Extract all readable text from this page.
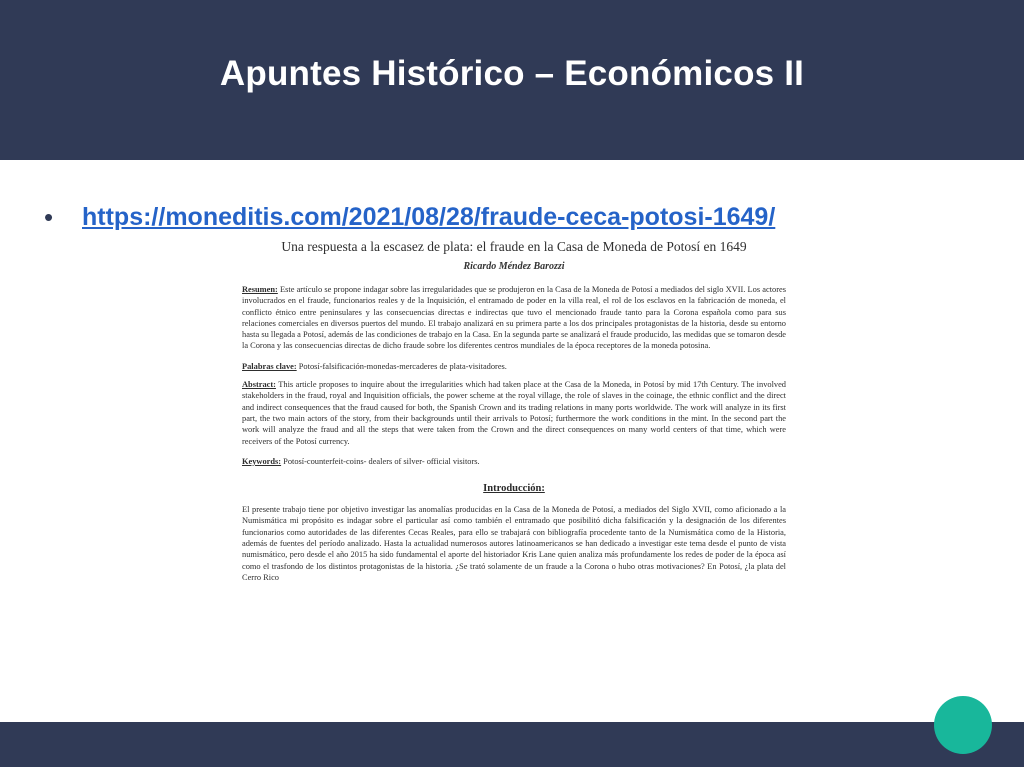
Apuntes Histórico – Económicos II
•	https://moneditis.com/2021/08/28/fraude-ceca-potosi-1649/
Una respuesta a la escasez de plata: el fraude en la Casa de Moneda de Potosí en 1649
Ricardo Méndez Barozzi
Resumen: Este artículo se propone indagar sobre las irregularidades que se produjeron en la Casa de la Moneda de Potosí a mediados del siglo XVII. Los actores involucrados en el fraude, funcionarios reales y de la Inquisición, el entramado de poder en la villa real, el rol de los esclavos en la fabricación de moneda, el conflicto étnico entre peninsulares y las consecuencias directas e indirectas que tuvo el mencionado fraude tanto para la Corona española como para sus relaciones comerciales en diversos puertos del mundo. El trabajo analizará en su primera parte a los dos principales protagonistas de la historia, desde su entorno hasta su llegada a Potosí, además de las condiciones de trabajo en la Casa. En la segunda parte se analizará el fraude producido, las medidas que se tomaron desde la Corona y las consecuencias directas de dicho fraude sobre los diferentes centros mundiales de la época receptores de la moneda potosina.
Palabras clave: Potosí-falsificación-monedas-mercaderes de plata-visitadores.
Abstract: This article proposes to inquire about the irregularities which had taken place at the Casa de la Moneda, in Potosí by mid 17th Century. The involved stakeholders in the fraud, royal and Inquisition officials, the power scheme at the royal village, the role of slaves in the coinage, the ethnic conflict and the direct and indirect consequences that the fraud caused for both, the Spanish Crown and its trading relations in many ports worldwide. The work will analyze in its first part, the two main actors of the story, from their backgrounds until their arrivals to Potosí; furthermore the work conditions in the mint. In the second part the work will analyze the fraud and all the steps that were taken from the Crown and the direct consequences on many world centers of that time, which were receivers of the Potosí currency.
Keywords: Potosí-counterfeit-coins- dealers of silver- official visitors.
Introducción:
El presente trabajo tiene por objetivo investigar las anomalías producidas en la Casa de la Moneda de Potosí, a mediados del Siglo XVII, como aficionado a la Numismática mi propósito es indagar sobre el particular así como también el entramado que posibilitó dicha falsificación y la designación de los diferentes funcionarios como autoridades de las diferentes Cecas Reales, para ello se trabajará con bibliografía procedente tanto de la Numismática como de la Historia, además de fuentes del período analizado. Hasta la actualidad numerosos autores latinoamericanos se han dedicado a investigar este tema desde el punto de vista numismático, pero desde el año 2015 ha sido fundamental el aporte del historiador Kris Lane quien analiza más profundamente los redes de poder de la época así como el trasfondo de los distintos protagonistas de la historia. ¿Se trató solamente de un fraude a la Corona o hubo otras motivaciones? En Potosí, ¿la plata del Cerro Rico
